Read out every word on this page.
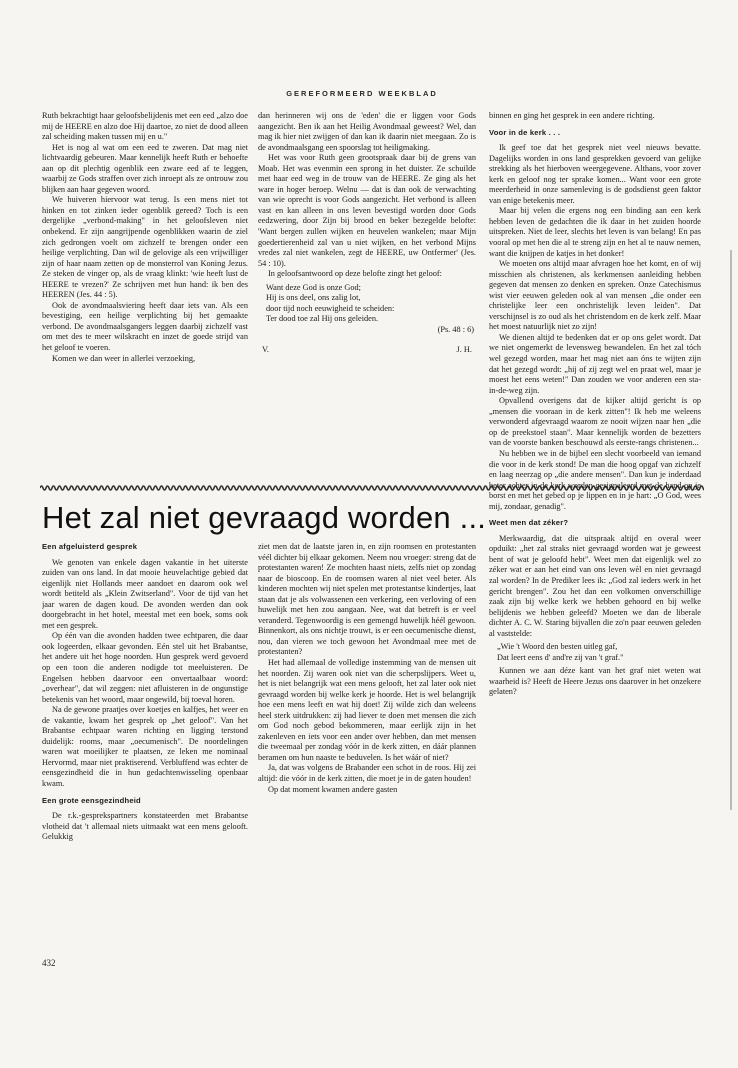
GEREFORMEERD WEEKBLAD

Ruth bekrachtigt haar geloofsbelijdenis met een eed „alzo doe mij de HEERE en alzo doe Hij daartoe, zo niet de dood alleen zal scheiding maken tussen mij en u."

Het is nog al wat om een eed te zweren. Dat mag niet lichtvaardig gebeuren. Maar kennelijk heeft Ruth er behoefte aan op dit plechtig ogenblik een zware eed af te leggen, waarbij ze Gods straffen over zich inroept als ze ontrouw zou blijken aan haar gegeven woord.

We huiveren hiervoor wat terug. Is een mens niet tot hinken en tot zinken ieder ogenblik gereed? Toch is een dergelijke „verbond-making" in het geloofsleven niet onbekend. Er zijn aangrijpende ogenblikken waarin de ziel zich gedrongen voelt om zichzelf te brengen onder een heilige verplichting. Dan wil de gelovige als een vrijwilliger zijn of haar naam zetten op de monsterrol van Koning Jezus. Ze steken de vinger op, als de vraag klinkt: 'wie heeft lust de HEERE te vrezen?' Ze schrijven met hun hand: ik ben des HEEREN (Jes. 44 : 5).

Ook de avondmaalsviering heeft daar iets van. Als een bevestiging, een heilige verplichting bij het gemaakte verbond. De avondmaalsgangers leggen daarbij zichzelf vast om met des te meer wilskracht en inzet de goede strijd van het geloof te voeren.

Komen we dan weer in allerlei verzoeking,

dan herinneren wij ons de 'eden' die er liggen voor Gods aangezicht. Ben ik aan het Heilig Avondmaal geweest? Wel, dan mag ik hier niet zwijgen of dan kan ik daarin niet meegaan. Zo is de avondmaalsgang een spoorslag tot heiligmaking.

Het was voor Ruth geen grootspraak daar bij de grens van Moab. Het was evenmin een sprong in het duister. Ze schuilde met haar eed weg in de trouw van de HEERE. Ze ging als het ware in hoger beroep. Welnu — dat is dan ook de verwachting van wie oprecht is voor Gods aangezicht. Het verbond is alleen vast en kan alleen in ons leven bevestigd worden door Gods eedzwering, door Zijn bij brood en beker bezegelde belofte: 'Want bergen zullen wijken en heuvelen wankelen; maar Mijn goedertierenheid zal van u niet wijken, en het verbond Mijns vredes zal niet wankelen, zegt de HEERE, uw Ontfermer' (Jes. 54 : 10).

In geloofsantwoord op deze belofte zingt het geloof:

Want deze God is onze God;
Hij is ons deel, ons zalig lot,
door tijd noch eeuwigheid te scheiden:
Ter dood toe zal Hij ons geleiden.
(Ps. 48 : 6)
V.	J. H.
Het zal niet gevraagd worden ...

binnen en ging het gesprek in een andere richting.

Voor in de kerk . . .

Ik geef toe dat het gesprek niet veel nieuws bevatte. Dagelijks worden in ons land gesprekken gevoerd van gelijke strekking als het hierboven weergegevene. Althans, voor zover kerk en geloof nog ter sprake komen... Want voor een grote meerderheid in onze samenleving is de godsdienst geen faktor van enige betekenis meer.

Maar bij velen die ergens nog een binding aan een kerk hebben leven de gedachten die ik daar in het zuiden hoorde uitspreken. Niet de leer, slechts het leven is van belang! En pas vooral op met hen die al te streng zijn en het al te nauw nemen, want die knijpen de katjes in het donker!

We moeten ons altijd maar afvragen hoe het komt, en of wij misschien als christenen, als kerkmensen aanleiding hebben gegeven dat mensen zo denken en spreken. Onze Catechismus wist vier eeuwen geleden ook al van mensen „die onder een christelijke leer een onchristelijk leven leiden". Dat verschijnsel is zo oud als het christendom en de kerk zelf. Maar het moest natuurlijk niet zo zijn!

We dienen altijd te bedenken dat er op ons gelet wordt. Dat we niet ongemerkt de levensweg bewandelen. En het zal tóch wel gezegd worden, maar het mag niet aan óns te wijten zijn dat het gezegd wordt: „hij of zij zegt wel en praat wel, maar je moest het eens weten!" Dan zouden we voor anderen een sta-in-de-weg zijn.

Opvallend overigens dat de kijker altijd gericht is op „mensen die vooraan in de kerk zitten"! Ik heb me weleens verwonderd afgevraagd waarom ze nooit wijzen naar hen „die op de preekstoel staan". Maar kennelijk worden de bezetters van de voorste banken beschouwd als eerste-rangs christenen...

Nu hebben we in de bijbel een slecht voorbeeld van iemand die voor in de kerk stond! De man die hoog opgaf van zichzelf en laag neerzag op „die andere mensen". Dan kun je inderdaad beter achter in de kerk worden gesignaleerd met de hand op je borst en met het gebed op je lippen en in je hart: „O God, wees mij, zondaar, genadig".

Weet men dat zéker?

Merkwaardig, dat die uitspraak altijd en overal weer opduikt: „het zal straks niet gevraagd worden wat je geweest bent of wat je geloofd hebt". Weet men dat eigenlijk wel zo zéker wat er aan het eind van ons leven wèl en niet gevraagd zal worden? In de Prediker lees ik: „God zal ieders werk in het gericht brengen". Zou het dan een volkomen onverschillige zaak zijn bij welke kerk we hebben gehoord en bij welke belijdenis we hebben geleefd? Moeten we dan de liberale dichter A. C. W. Staring bijvallen die zo'n paar eeuwen geleden al vaststelde:

„Wie 't Woord den besten uitleg gaf,
Dat leert eens d' and're zij van 't graf."

Kunnen we aan déze kant van het graf niet weten wat waarheid is? Heeft de Heere Jezus ons daarover in het onzekere gelaten?

Een afgeluisterd gesprek

We genoten van enkele dagen vakantie in het uiterste zuiden van ons land. In dat mooie heuvelachtige gebied dat eigenlijk niet Hollands meer aandoet en daarom ook wel wordt betiteld als „Klein Zwitserland". Voor de tijd van het jaar waren de dagen koud. De avonden werden dan ook doorgebracht in het hotel, meestal met een boek, soms ook met een gesprek.

Op één van die avonden hadden twee echtparen, die daar ook logeerden, elkaar gevonden. Eén stel uit het Brabantse, het andere uit het hoge noorden. Hun gesprek werd gevoerd op een toon die anderen nodigde tot meeluisteren. De Engelsen hebben daarvoor een onvertaalbaar woord: „overhear", dat wil zeggen: niet afluisteren in de ongunstige betekenis van het woord, maar ongewild, bij toeval horen.

Na de gewone praatjes over koetjes en kalfjes, het weer en de vakantie, kwam het gesprek op „het geloof". Van het Brabantse echtpaar waren richting en ligging terstond duidelijk: rooms, maar „oecumenisch". De noordelingen waren wat moeilijker te plaatsen, ze leken me nominaal Hervormd, maar niet praktiserend. Verbluffend was echter de eensgezindheid die in hun gedachtenwisseling openbaar kwam.

Een grote eensgezindheid

De r.k.-gesprekspartners konstateerden met Brabantse vlotheid dat 't allemaal niets uitmaakt wat een mens gelooft. Gelukkig

ziet men dat de laatste jaren in, en zijn roomsen en protestanten véél dichter bij elkaar gekomen. Neem nou vroeger: streng dat de protestanten waren! Ze mochten haast niets, zelfs niet op zondag naar de bioscoop. En de roomsen waren al niet veel beter. Als kinderen mochten wij niet spelen met protestantse kindertjes, laat staan dat je als volwassenen een verkering, een verloving of een huwelijk met hen zou aangaan. Nee, wat dat betreft is er veel veranderd. Tegenwoordig is een gemengd huwelijk héél gewoon. Binnenkort, als ons nichtje trouwt, is er een oecumenische dienst, nou, dan vieren we toch gewoon het Avondmaal mee met de protestanten?

Het had allemaal de volledige instemming van de mensen uit het noorden. Zij waren ook niet van die scherpslijpers. Weet u, het is niet belangrijk wat een mens gelooft, het zal later ook niet gevraagd worden bij welke kerk je hoorde. Het is wel belangrijk hoe een mens leeft en wat hij doet! Zij wilde zich dan weleens heel sterk uitdrukken: zij had liever te doen met mensen die zich om God noch gebod bekommeren, maar eerlijk zijn in het zakenleven en iets voor een ander over hebben, dan met mensen die tweemaal per zondag vóór in de kerk zitten, en dáár plannen beramen om hun naaste te beduvelen. Is het wáár of niet?

Ja, dat was volgens de Brabander een schot in de roos. Hij zei altijd: die vóór in de kerk zitten, die moet je in de gaten houden!

Op dat moment kwamen andere gasten

432
